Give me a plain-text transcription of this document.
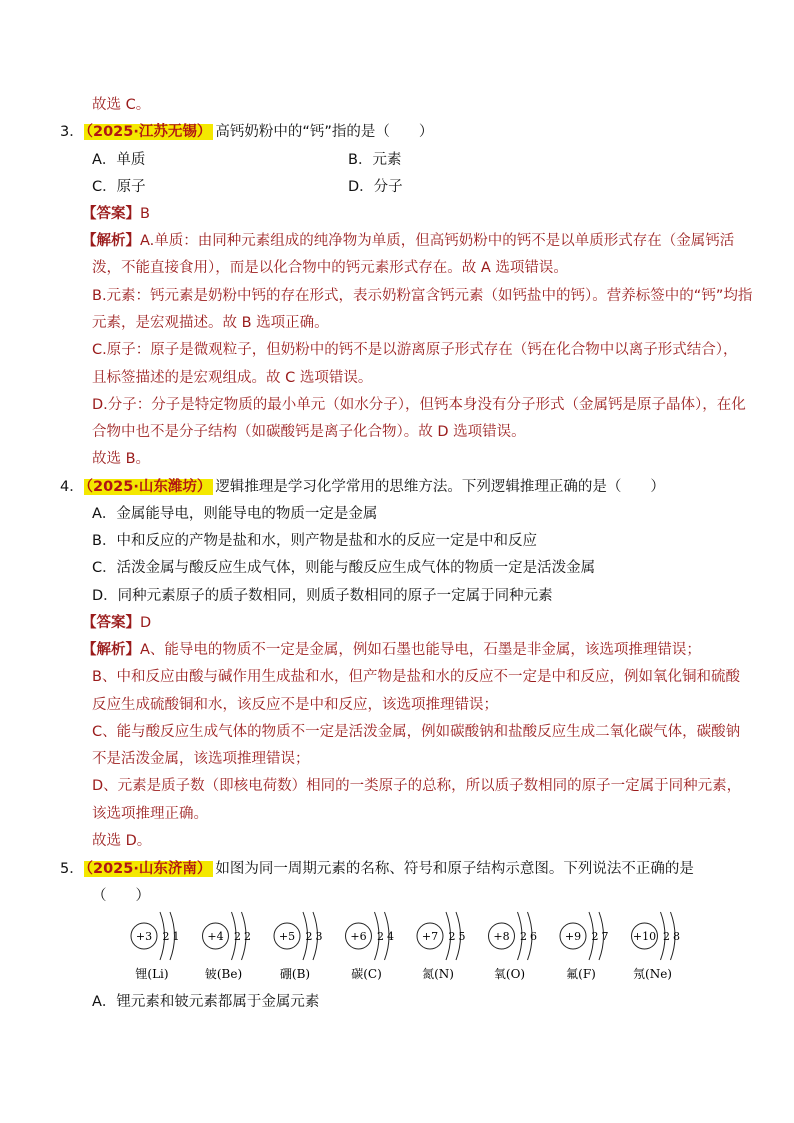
故选 C。
3． （2025·江苏无锡） 高钙奶粉中的“钙”指的是（　　）
A．单质	B．元素
C．原子	D．分子
【答案】B
【解析】A.单质：由同种元素组成的纯净物为单质，但高钙奶粉中的钙不是以单质形式存在（金属钙活
泼，不能直接食用），而是以化合物中的钙元素形式存在。故 A 选项错误。
B.元素：钙元素是奶粉中钙的存在形式，表示奶粉富含钙元素（如钙盐中的钙）。营养标签中的“钙”均指
元素，是宏观描述。故 B 选项正确。
C.原子：原子是微观粒子，但奶粉中的钙不是以游离原子形式存在（钙在化合物中以离子形式结合），
且标签描述的是宏观组成。故 C 选项错误。
D.分子：分子是特定物质的最小单元（如水分子），但钙本身没有分子形式（金属钙是原子晶体），在化
合物中也不是分子结构（如碳酸钙是离子化合物）。故 D 选项错误。
故选 B。
4． （2025·山东潍坊） 逻辑推理是学习化学常用的思维方法。下列逻辑推理正确的是（　　）
A．金属能导电，则能导电的物质一定是金属
B．中和反应的产物是盐和水，则产物是盐和水的反应一定是中和反应
C．活泼金属与酸反应生成气体，则能与酸反应生成气体的物质一定是活泼金属
D．同种元素原子的质子数相同，则质子数相同的原子一定属于同种元素
【答案】D
【解析】A、能导电的物质不一定是金属，例如石墨也能导电，石墨是非金属，该选项推理错误；
B、中和反应由酸与碱作用生成盐和水，但产物是盐和水的反应不一定是中和反应，例如氧化铜和硫酸
反应生成硫酸铜和水，该反应不是中和反应，该选项推理错误；
C、能与酸反应生成气体的物质不一定是活泼金属，例如碳酸钠和盐酸反应生成二氧化碳气体，碳酸钠
不是活泼金属，该选项推理错误；
D、元素是质子数（即核电荷数）相同的一类原子的总称，所以质子数相同的原子一定属于同种元素，
该选项推理正确。
故选 D。
5． （2025·山东济南） 如图为同一周期元素的名称、符号和原子结构示意图。下列说法不正确的是
（　　）
+3 2 1
锂(Li)
+4 2 2
铍(Be)
+5 2 3
硼(B)
+6 2 4
碳(C)
+7 2 5
氮(N)
+8 2 6
氧(O)
+9 2 7
氟(F)
+10 2 8
氖(Ne)
A．锂元素和铍元素都属于金属元素
